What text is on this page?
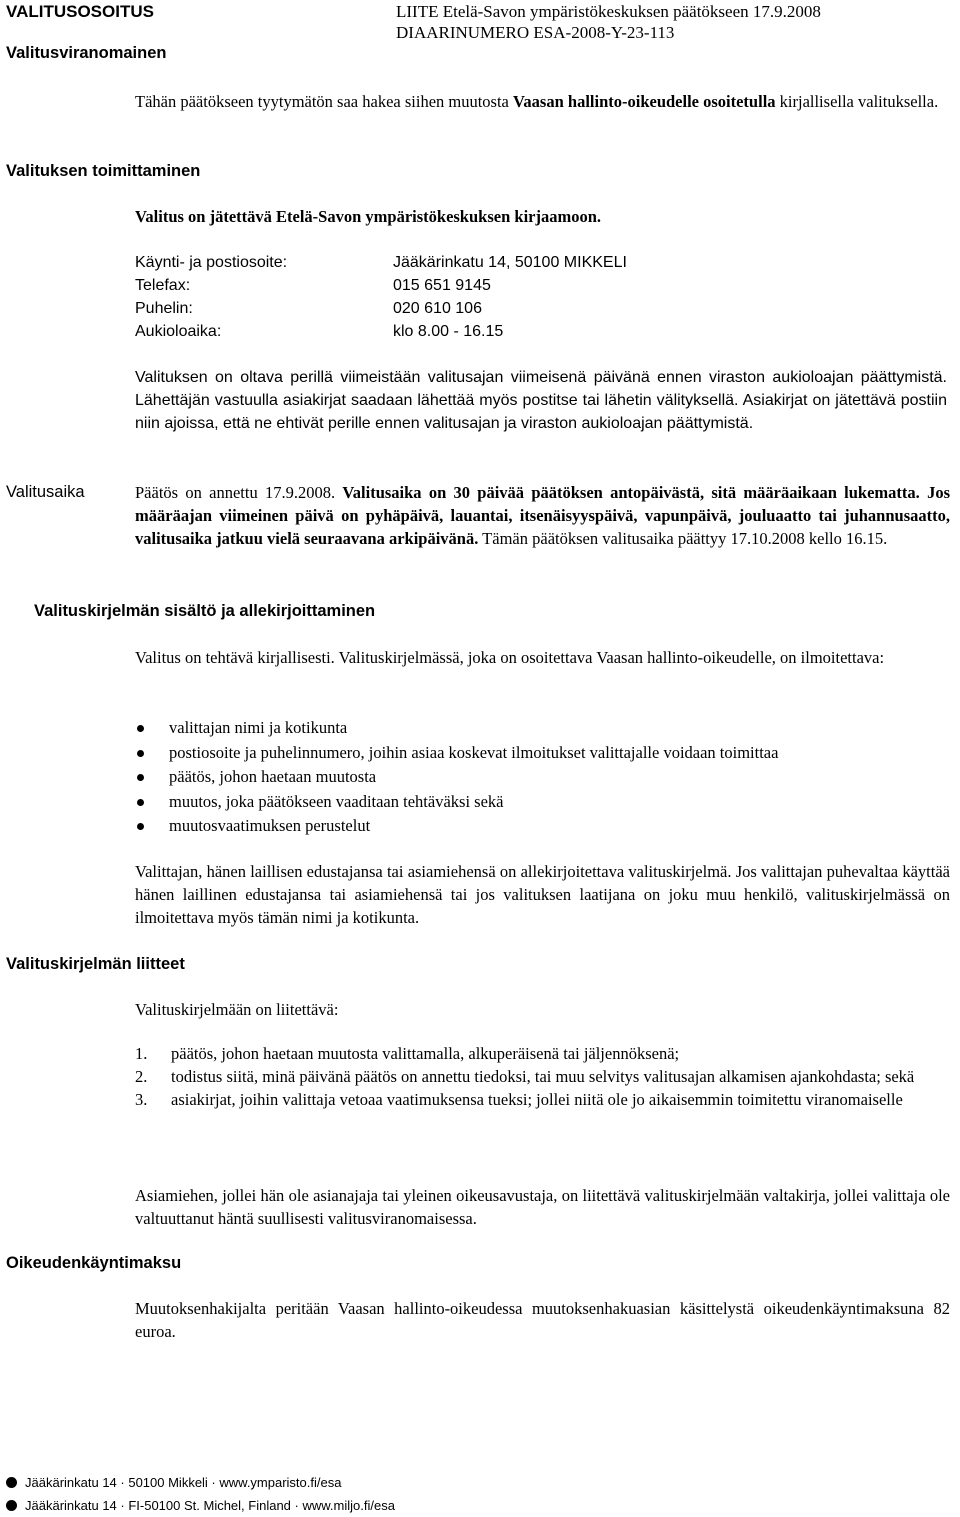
VALITUSOSOITUS	LIITE Etelä-Savon ympäristökeskuksen päätökseen 17.9.2008
DIAARINUMERO ESA-2008-Y-23-113
Valitusviranomainen
Valituksen toimittaminen
Valitusaika
Valituskirjelmän sisältö ja allekirjoittaminen
Valituskirjelmän liitteet
Oikeudenkäyntimaksu
Tähän päätökseen tyytymätön saa hakea siihen muutosta Vaasan hallinto-oikeudelle osoitetulla kirjallisella valituksella.
Valitus on jätettävä Etelä-Savon ympäristökeskuksen kirjaamoon.
Käynti- ja postiosoite:	Jääkärinkatu 14, 50100 MIKKELI
Telefax:	015 651 9145
Puhelin:	020 610 106
Aukioloaika:	klo 8.00 - 16.15
Valituksen on oltava perillä viimeistään valitusajan viimeisenä päivänä ennen viraston aukioloajan päättymistä. Lähettäjän vastuulla asiakirjat saadaan lähettää myös postitse tai lähetin välityksellä. Asiakirjat on jätettävä postiin niin ajoissa, että ne ehtivät perille ennen valitusajan ja viraston aukioloajan päättymistä.
Päätös on annettu 17.9.2008. Valitusaika on 30 päivää päätöksen antopäivästä, sitä määräaikaan lukematta. Jos määräajan viimeinen päivä on pyhäpäivä, lauantai, itsenäisyyspäivä, vapunpäivä, jouluaatto tai juhannusaatto, valitusaika jatkuu vielä seuraavana arkipäivänä. Tämän päätöksen valitusaika päättyy 17.10.2008 kello 16.15.
Valitus on tehtävä kirjallisesti. Valituskirjelmässä, joka on osoitettava Vaasan hallinto-oikeudelle, on ilmoitettava:
valittajan nimi ja kotikunta
postiosoite ja puhelinnumero, joihin asiaa koskevat ilmoitukset valittajalle voidaan toimittaa
päätös, johon haetaan muutosta
muutos, joka päätökseen vaaditaan tehtäväksi sekä
muutosvaatimuksen perustelut
Valittajan, hänen laillisen edustajansa tai asiamiehensä on allekirjoitettava valituskirjelmä. Jos valittajan puhevaltaa käyttää hänen laillinen edustajansa tai asiamiehensä tai jos valituksen laatijana on joku muu henkilö, valituskirjelmässä on ilmoitettava myös tämän nimi ja kotikunta.
Valituskirjelmään on liitettävä:
1. päätös, johon haetaan muutosta valittamalla, alkuperäisenä tai jäljennöksenä;
2. todistus siitä, minä päivänä päätös on annettu tiedoksi, tai muu selvitys valitusajan alkamisen ajankohdasta; sekä
3. asiakirjat, joihin valittaja vetoaa vaatimuksensa tueksi; jollei niitä ole jo aikaisemmin toimitettu viranomaiselle
Asiamiehen, jollei hän ole asianajaja tai yleinen oikeusavustaja, on liitettävä valituskirjelmään valtakirja, jollei valittaja ole valtuuttanut häntä suullisesti valitusviranomaisessa.
Muutoksenhakijalta peritään Vaasan hallinto-oikeudessa muutoksenhakuasian käsittelystä oikeudenkäyntimaksuna 82 euroa.
Jääkärinkatu 14 · 50100 Mikkeli · www.ymparisto.fi/esa
Jääkärinkatu 14 · FI-50100 St. Michel, Finland · www.miljo.fi/esa
